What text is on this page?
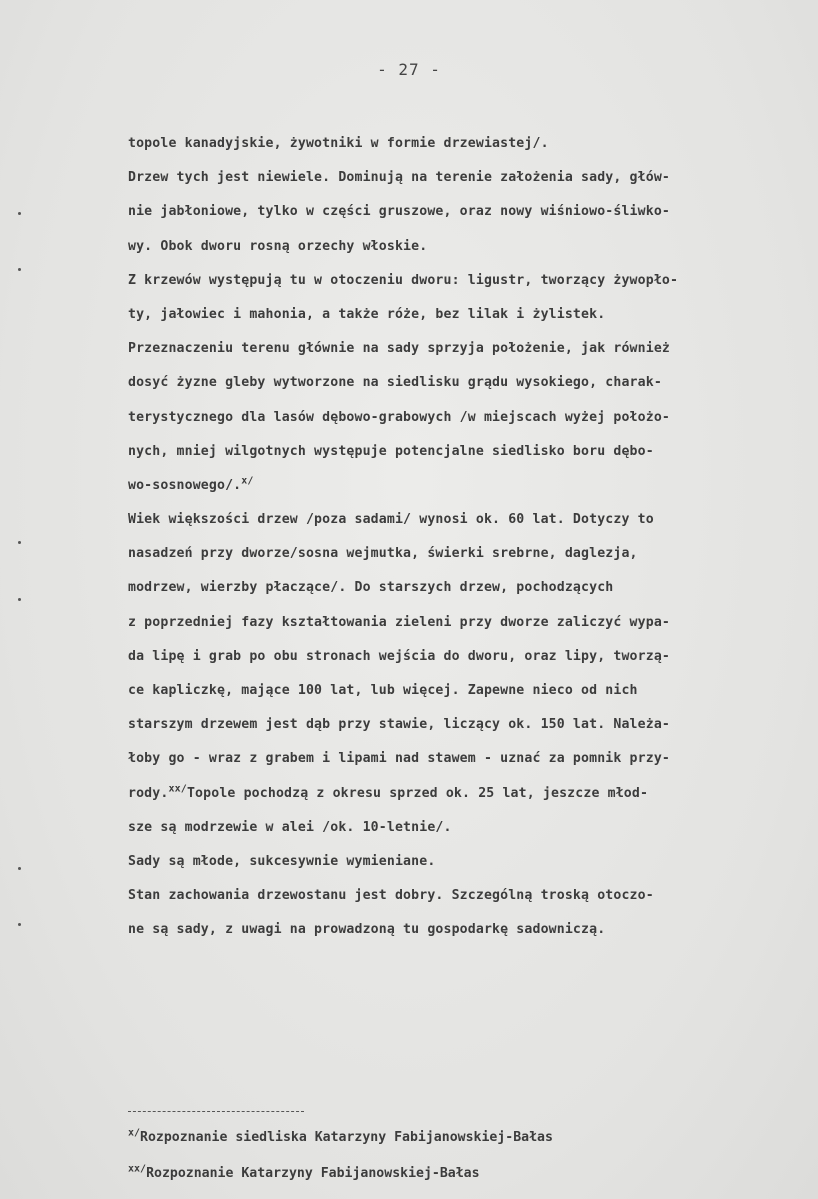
- 27 -
topole kanadyjskie, żywotniki w formie drzewiastej/.
Drzew tych jest niewiele. Dominują na terenie założenia sady, głów-
nie jabłoniowe, tylko w części gruszowe, oraz nowy wiśniowo-śliwko-
wy. Obok dworu rosną orzechy włoskie.
Z krzewów występują tu w otoczeniu dworu: ligustr, tworzący żywopło-
ty, jałowiec i mahonia, a także róże, bez lilak i żylistek.
Przeznaczeniu terenu głównie na sady sprzyja położenie, jak również
dosyć żyzne gleby wytworzone na siedlisku grądu wysokiego, charak-
terystycznego dla lasów dębowo-grabowych /w miejscach wyżej położo-
nych, mniej wilgotnych występuje potencjalne siedlisko boru dębo-
wo-sosnowego/.$^{x/}$
Wiek większości drzew /poza sadami/ wynosi ok. 60 lat. Dotyczy to
nasadzeń przy dworze/sosna wejmutka, świerki srebrne, daglezja,
modrzew, wierzby płaczące/. Do starszych drzew, pochodzących
z poprzedniej fazy kształtowania zieleni przy dworze zaliczyć wypa-
da lipę i grab po obu stronach wejścia do dworu, oraz lipy, tworzą-
ce kapliczkę, mające 100 lat, lub więcej. Zapewne nieco od nich
starszym drzewem jest dąb przy stawie, liczący ok. 150 lat. Należa-
łoby go - wraz z grabem i lipami nad stawem - uznać za pomnik przy-
rody.$^{xx/}$Topole pochodzą z okresu sprzed ok. 25 lat, jeszcze młod-
sze są modrzewie w alei /ok. 10-letnie/.
Sady są młode, sukcesywnie wymieniane.
Stan zachowania drzewostanu jest dobry. Szczególną troską otoczo-
ne są sady, z uwagi na prowadzoną tu gospodarkę sadowniczą.
$^{x/}$Rozpoznanie siedliska Katarzyny Fabijanowskiej-Bałas
$^{xx/}$Rozpoznanie Katarzyny Fabijanowskiej-Bałas
